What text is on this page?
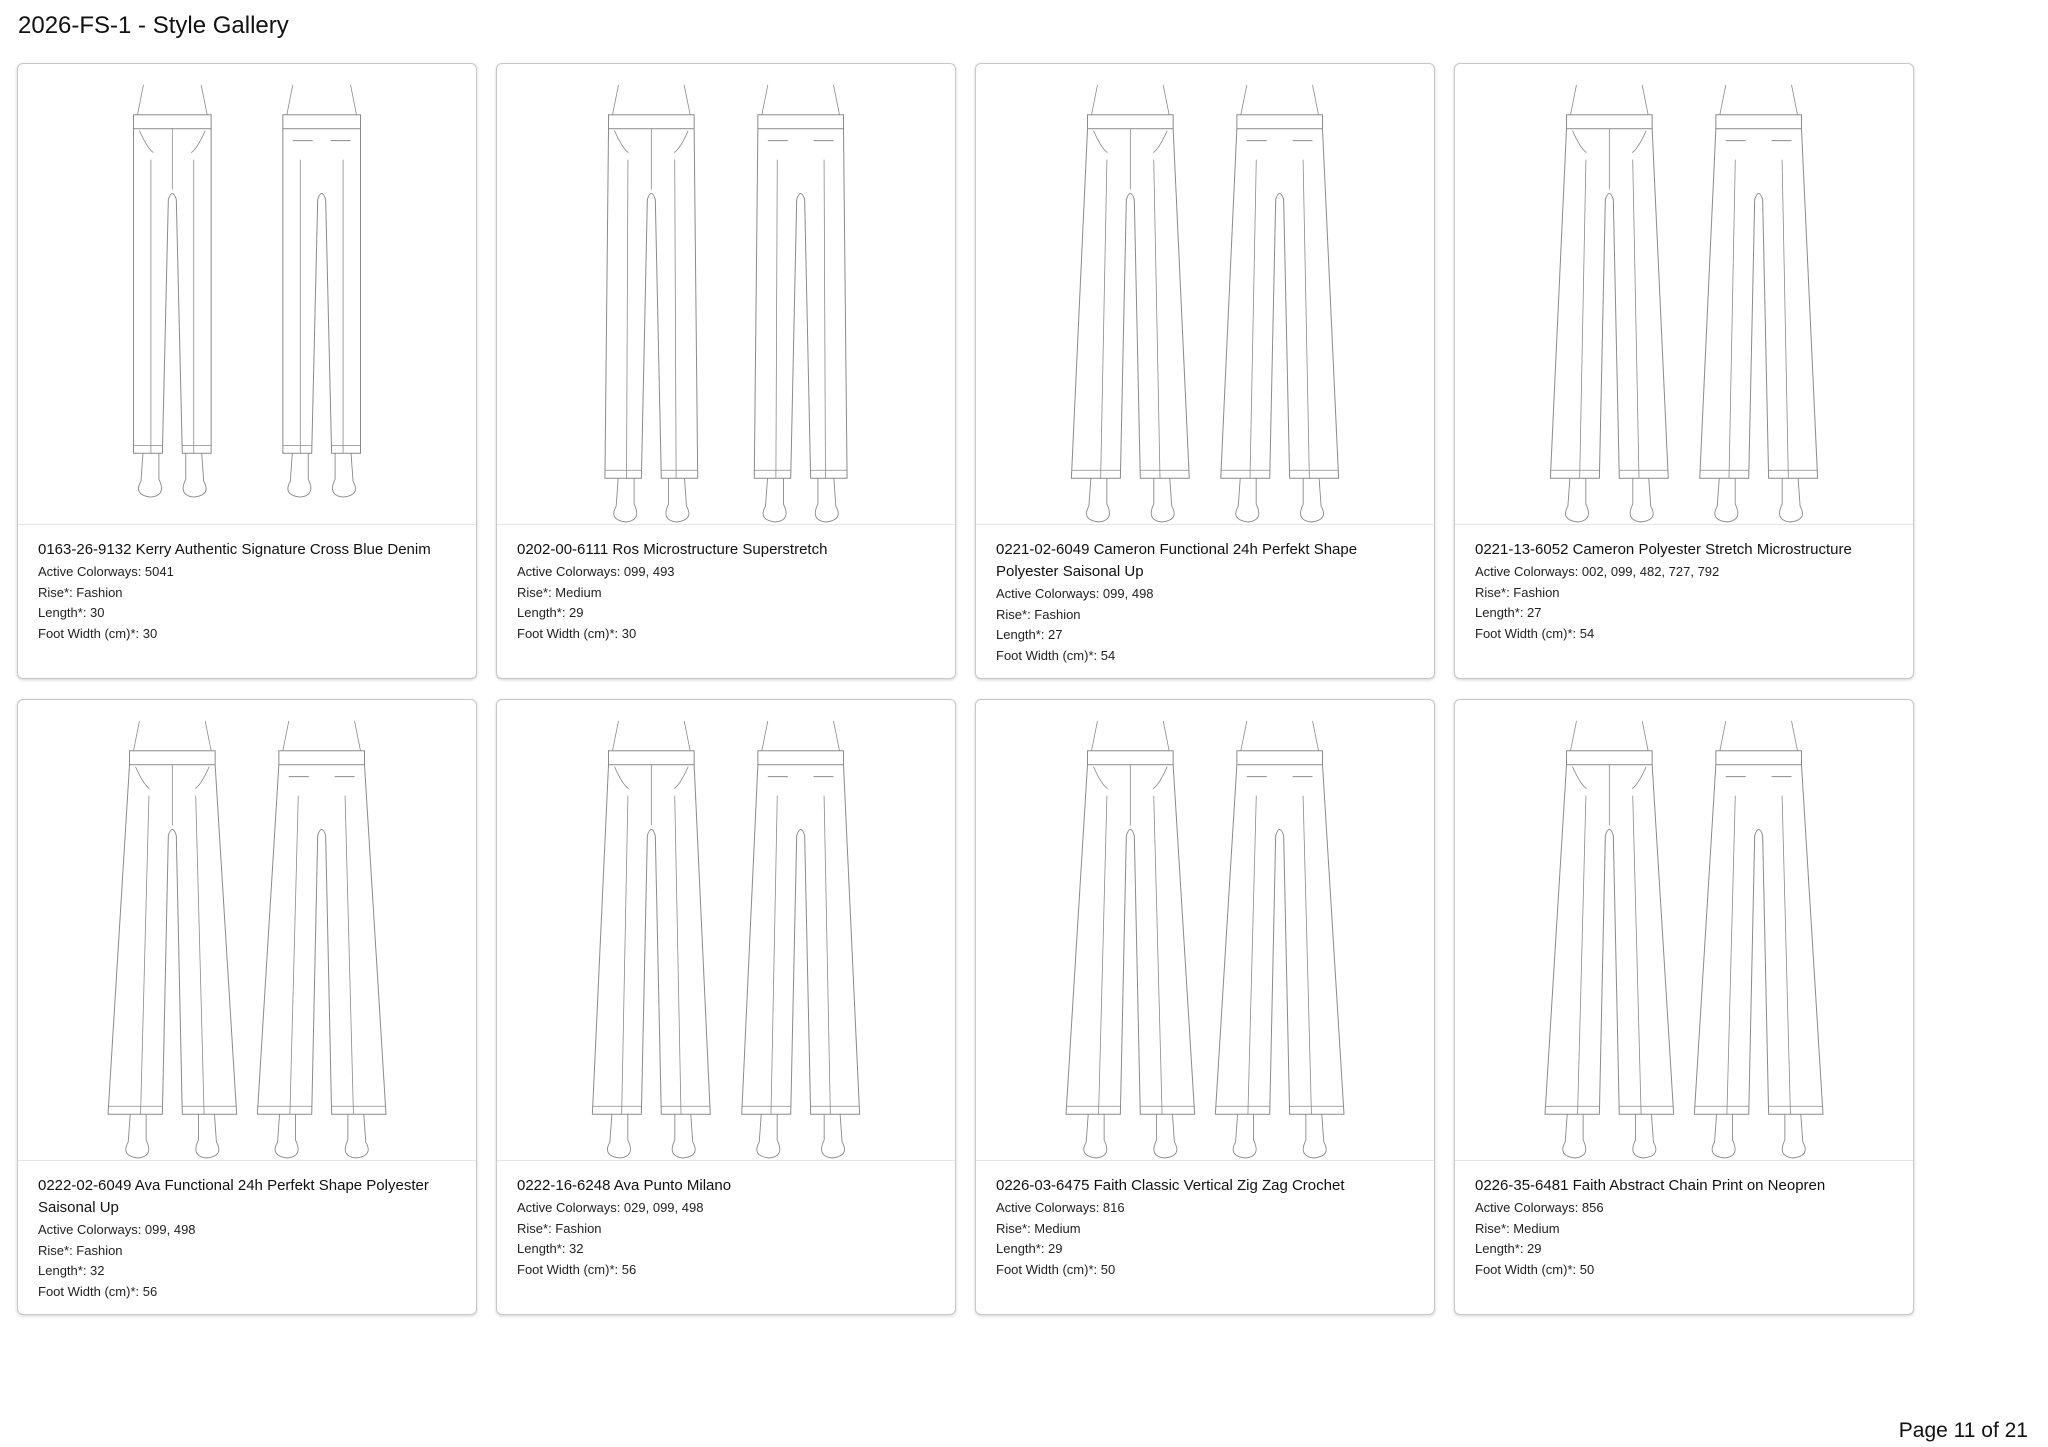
2026-FS-1 - Style Gallery
0163-26-9132 Kerry Authentic Signature Cross Blue Denim
Active Colorways: 5041
Rise*: Fashion
Length*: 30
Foot Width (cm)*: 30
0202-00-6111 Ros Microstructure Superstretch
Active Colorways: 099, 493
Rise*: Medium
Length*: 29
Foot Width (cm)*: 30
0221-02-6049 Cameron Functional 24h Perfekt Shape Polyester Saisonal Up
Active Colorways: 099, 498
Rise*: Fashion
Length*: 27
Foot Width (cm)*: 54
0221-13-6052 Cameron Polyester Stretch Microstructure
Active Colorways: 002, 099, 482, 727, 792
Rise*: Fashion
Length*: 27
Foot Width (cm)*: 54
0222-02-6049 Ava Functional 24h Perfekt Shape Polyester Saisonal Up
Active Colorways: 099, 498
Rise*: Fashion
Length*: 32
Foot Width (cm)*: 56
0222-16-6248 Ava Punto Milano
Active Colorways: 029, 099, 498
Rise*: Fashion
Length*: 32
Foot Width (cm)*: 56
0226-03-6475 Faith Classic Vertical Zig Zag Crochet
Active Colorways: 816
Rise*: Medium
Length*: 29
Foot Width (cm)*: 50
0226-35-6481 Faith Abstract Chain Print on Neopren
Active Colorways: 856
Rise*: Medium
Length*: 29
Foot Width (cm)*: 50
Page 11 of 21
